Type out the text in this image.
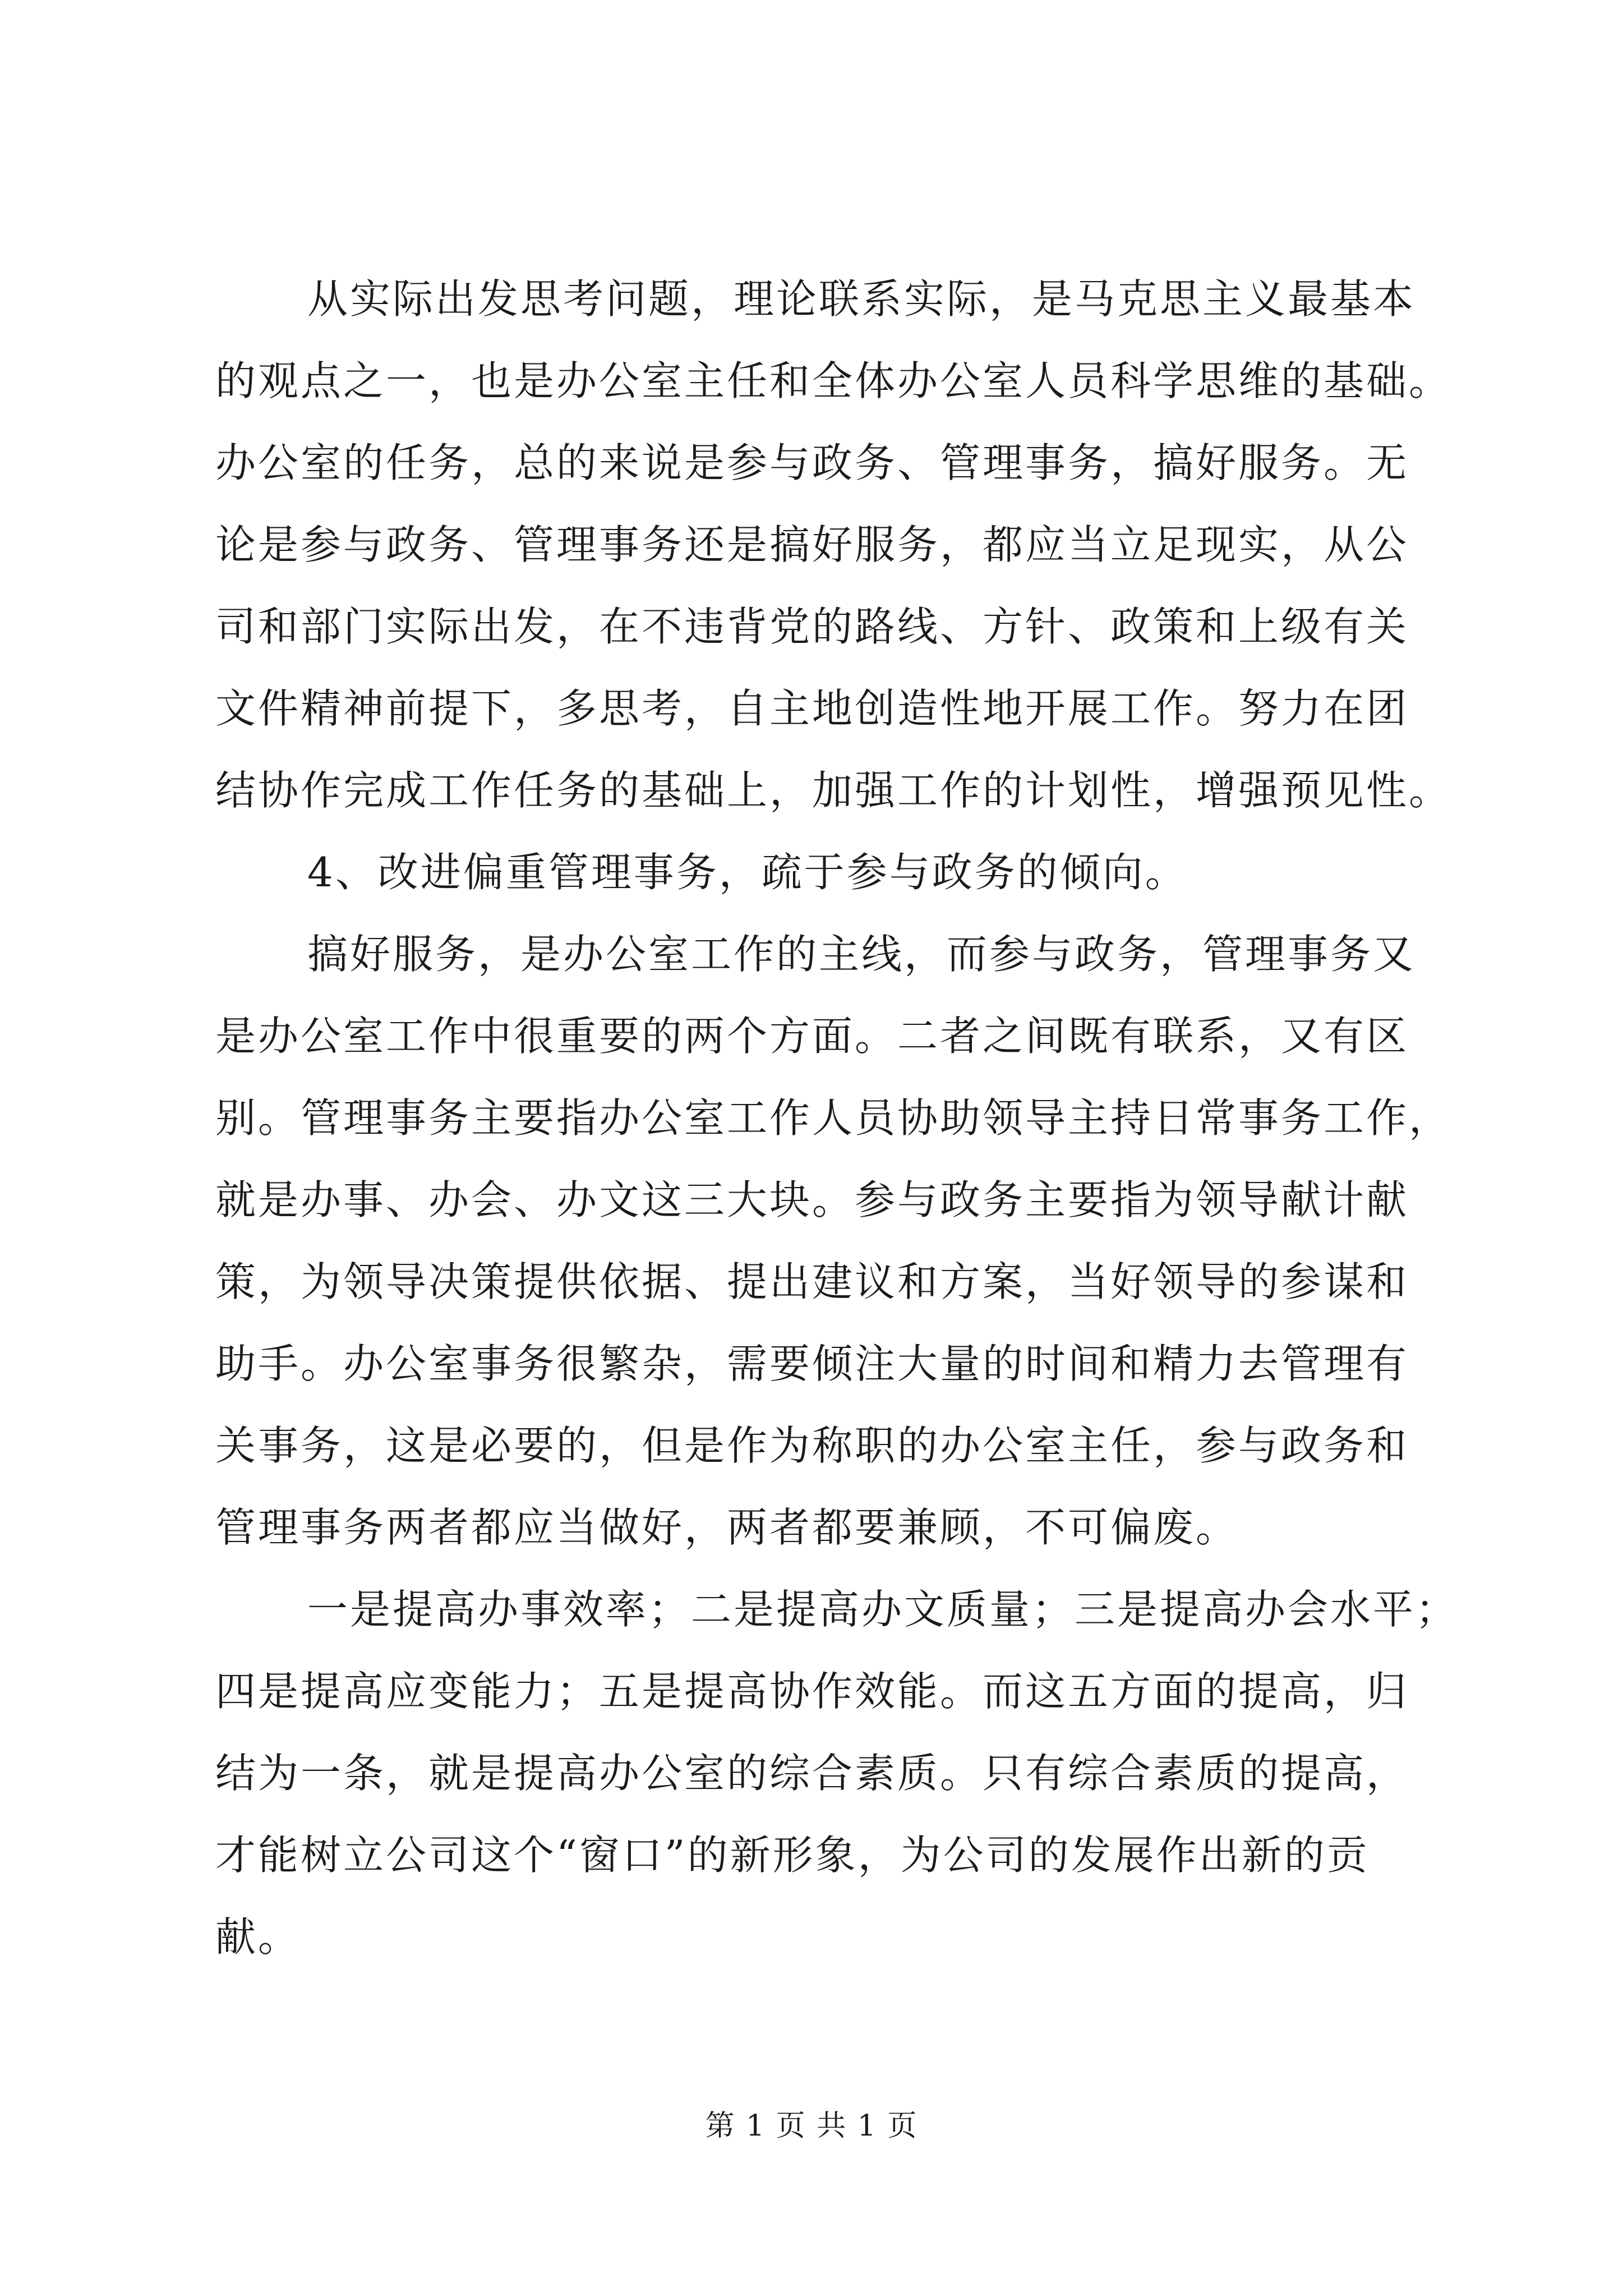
从实际出发思考问题，理论联系实际，是马克思主义最基本
的观点之一，也是办公室主任和全体办公室人员科学思维的基础。
办公室的任务，总的来说是参与政务、管理事务，搞好服务。无
论是参与政务、管理事务还是搞好服务，都应当立足现实，从公
司和部门实际出发，在不违背党的路线、方针、政策和上级有关
文件精神前提下，多思考，自主地创造性地开展工作。努力在团
结协作完成工作任务的基础上，加强工作的计划性，增强预见性。
4、改进偏重管理事务，疏于参与政务的倾向。
搞好服务，是办公室工作的主线，而参与政务，管理事务又
是办公室工作中很重要的两个方面。二者之间既有联系，又有区
别。管理事务主要指办公室工作人员协助领导主持日常事务工作，
就是办事、办会、办文这三大块。参与政务主要指为领导献计献
策，为领导决策提供依据、提出建议和方案，当好领导的参谋和
助手。办公室事务很繁杂，需要倾注大量的时间和精力去管理有
关事务，这是必要的，但是作为称职的办公室主任，参与政务和
管理事务两者都应当做好，两者都要兼顾，不可偏废。
一是提高办事效率；二是提高办文质量；三是提高办会水平；
四是提高应变能力；五是提高协作效能。而这五方面的提高，归
结为一条，就是提高办公室的综合素质。只有综合素质的提高，
才能树立公司这个“窗口”的新形象，为公司的发展作出新的贡
献。
第 1 页 共 1 页
